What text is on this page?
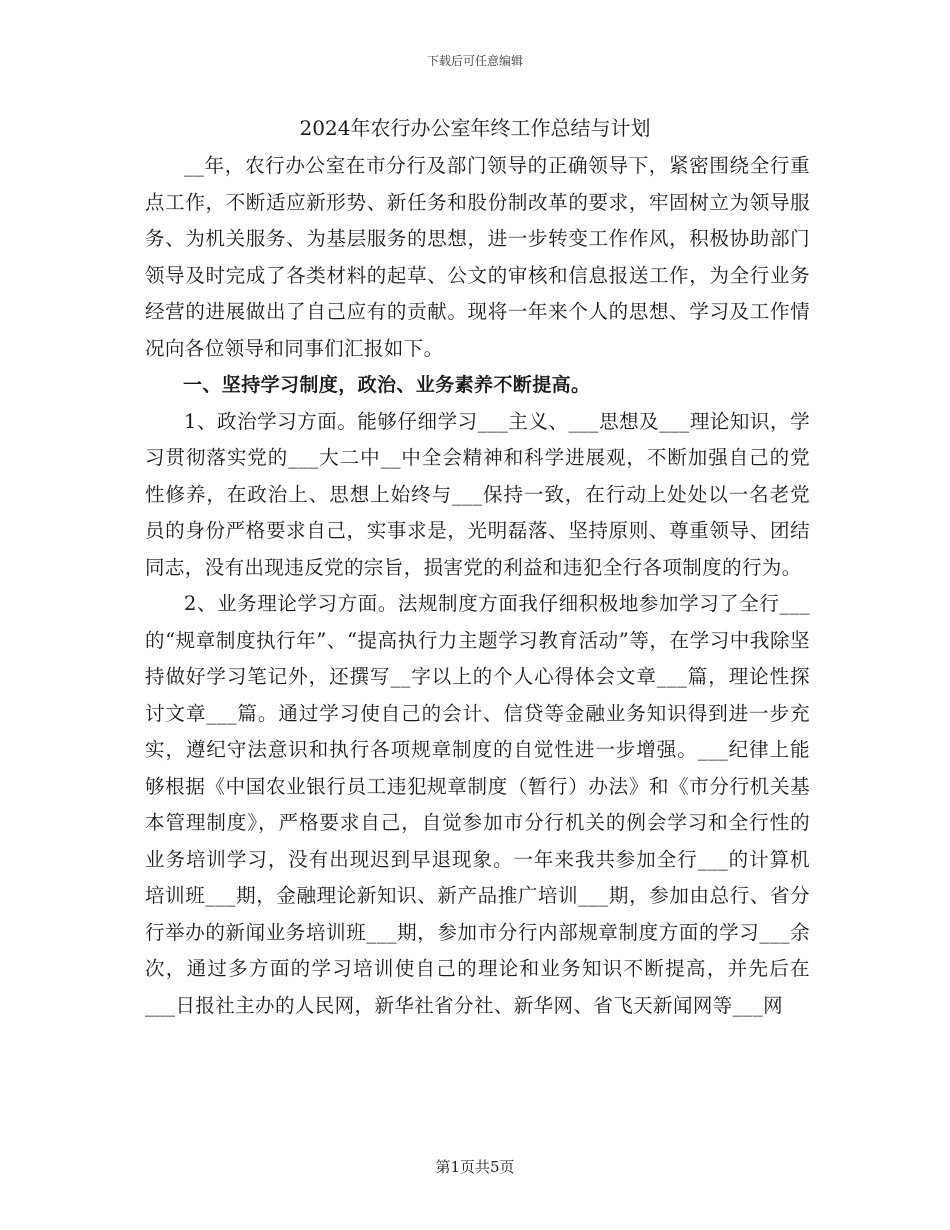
下载后可任意编辑
2024年农行办公室年终工作总结与计划

__年，农行办公室在市分行及部门领导的正确领导下，紧密围绕全行重点工作，不断适应新形势、新任务和股份制改革的要求，牢固树立为领导服务、为机关服务、为基层服务的思想，进一步转变工作作风，积极协助部门领导及时完成了各类材料的起草、公文的审核和信息报送工作，为全行业务经营的进展做出了自己应有的贡献。现将一年来个人的思想、学习及工作情况向各位领导和同事们汇报如下。

一、坚持学习制度，政治、业务素养不断提高。

1、政治学习方面。能够仔细学习___主义、___思想及___理论知识，学习贯彻落实党的___大二中__中全会精神和科学进展观，不断加强自己的党性修养，在政治上、思想上始终与___保持一致，在行动上处处以一名老党员的身份严格要求自己，实事求是，光明磊落、坚持原则、尊重领导、团结同志，没有出现违反党的宗旨，损害党的利益和违犯全行各项制度的行为。

2、业务理论学习方面。法规制度方面我仔细积极地参加学习了全行___的“规章制度执行年”、“提高执行力主题学习教育活动”等，在学习中我除坚持做好学习笔记外，还撰写__字以上的个人心得体会文章___篇，理论性探讨文章___篇。通过学习使自己的会计、信贷等金融业务知识得到进一步充实，遵纪守法意识和执行各项规章制度的自觉性进一步增强。___纪律上能够根据《中国农业银行员工违犯规章制度（暂行）办法》和《市分行机关基本管理制度》，严格要求自己，自觉参加市分行机关的例会学习和全行性的业务培训学习，没有出现迟到早退现象。一年来我共参加全行___的计算机培训班___期，金融理论新知识、新产品推广培训___期，参加由总行、省分行举办的新闻业务培训班___期，参加市分行内部规章制度方面的学习___余次，通过多方面的学习培训使自己的理论和业务知识不断提高，并先后在___日报社主办的人民网，新华社省分社、新华网、省飞天新闻网等___网

第1页共5页
